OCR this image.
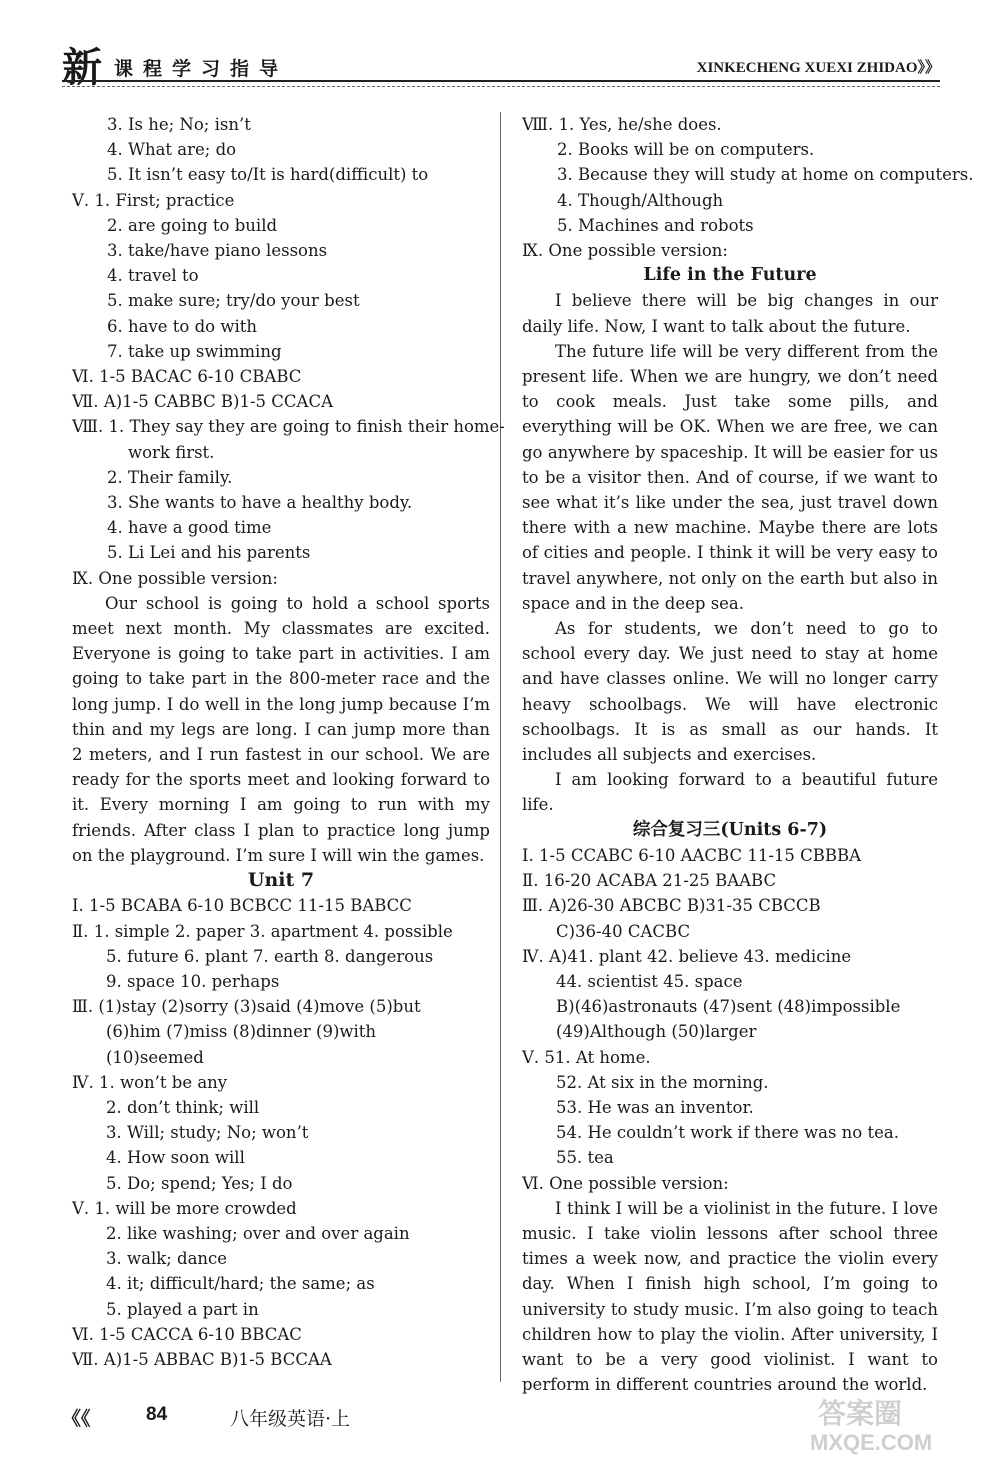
新 课程学习指导	XINKECHENG XUEXI ZHIDAO》》
3. Is he; No; isn’t
4. What are; do
5. It isn’t easy to/It is hard(difficult) to
Ⅴ. 1. First; practice
2. are going to build
3. take/have piano lessons
4. travel to
5. make sure; try/do your best
6. have to do with
7. take up swimming
Ⅵ. 1-5 BACAC 6-10 CBABC
Ⅶ. A)1-5 CABBC B)1-5 CCACA
Ⅷ. 1. They say they are going to finish their home-
work first.
2. Their family.
3. She wants to have a healthy body.
4. have a good time
5. Li Lei and his parents
Ⅸ. One possible version:

Our school is going to hold a school sports meet next month. My classmates are excited. Everyone is going to take part in activities. I am going to take part in the 800-meter race and the long jump. I do well in the long jump because I’m thin and my legs are long. I can jump more than 2 meters, and I run fastest in our school. We are ready for the sports meet and looking forward to it. Every morning I am going to run with my friends. After class I plan to practice long jump on the playground. I’m sure I will win the games.

Unit 7
Ⅰ. 1-5 BCABA 6-10 BCBCC 11-15 BABCC
Ⅱ. 1. simple 2. paper 3. apartment 4. possible
5. future 6. plant 7. earth 8. dangerous
9. space 10. perhaps
Ⅲ. (1)stay (2)sorry (3)said (4)move (5)but
(6)him (7)miss (8)dinner (9)with
(10)seemed
Ⅳ. 1. won’t be any
2. don’t think; will
3. Will; study; No; won’t
4. How soon will
5. Do; spend; Yes; I do
Ⅴ. 1. will be more crowded
2. like washing; over and over again
3. walk; dance
4. it; difficult/hard; the same; as
5. played a part in
Ⅵ. 1-5 CACCA 6-10 BBCAC
Ⅶ. A)1-5 ABBAC B)1-5 BCCAA
Ⅷ. 1. Yes, he/she does.
2. Books will be on computers.
3. Because they will study at home on computers.
4. Though/Although
5. Machines and robots
Ⅸ. One possible version:
Life in the Future

I believe there will be big changes in our daily life. Now, I want to talk about the future.

The future life will be very different from the present life. When we are hungry, we don’t need to cook meals. Just take some pills, and everything will be OK. When we are free, we can go anywhere by spaceship. It will be easier for us to be a visitor then. And of course, if we want to see what it’s like under the sea, just travel down there with a new machine. Maybe there are lots of cities and people. I think it will be very easy to travel anywhere, not only on the earth but also in space and in the deep sea.

As for students, we don’t need to go to school every day. We just need to stay at home and have classes online. We will no longer carry heavy schoolbags. We will have electronic schoolbags. It is as small as our hands. It includes all subjects and exercises.

I am looking forward to a beautiful future life.

综合复习三(Units 6-7)
Ⅰ. 1-5 CCABC 6-10 AACBC 11-15 CBBBA
Ⅱ. 16-20 ACABA 21-25 BAABC
Ⅲ. A)26-30 ABCBC B)31-35 CBCCB
C)36-40 CACBC
Ⅳ. A)41. plant 42. believe 43. medicine
44. scientist 45. space
B)(46)astronauts (47)sent (48)impossible
(49)Although (50)larger
Ⅴ. 51. At home.
52. At six in the morning.
53. He was an inventor.
54. He couldn’t work if there was no tea.
55. tea
Ⅵ. One possible version:

I think I will be a violinist in the future. I love music. I take violin lessons after school three times a week now, and practice the violin every day. When I finish high school, I’m going to university to study music. I’m also going to teach children how to play the violin. After university, I want to be a very good violinist. I want to perform in different countries around the world.

《《	84	八年级英语·上	答案圈
MXQE.COM
